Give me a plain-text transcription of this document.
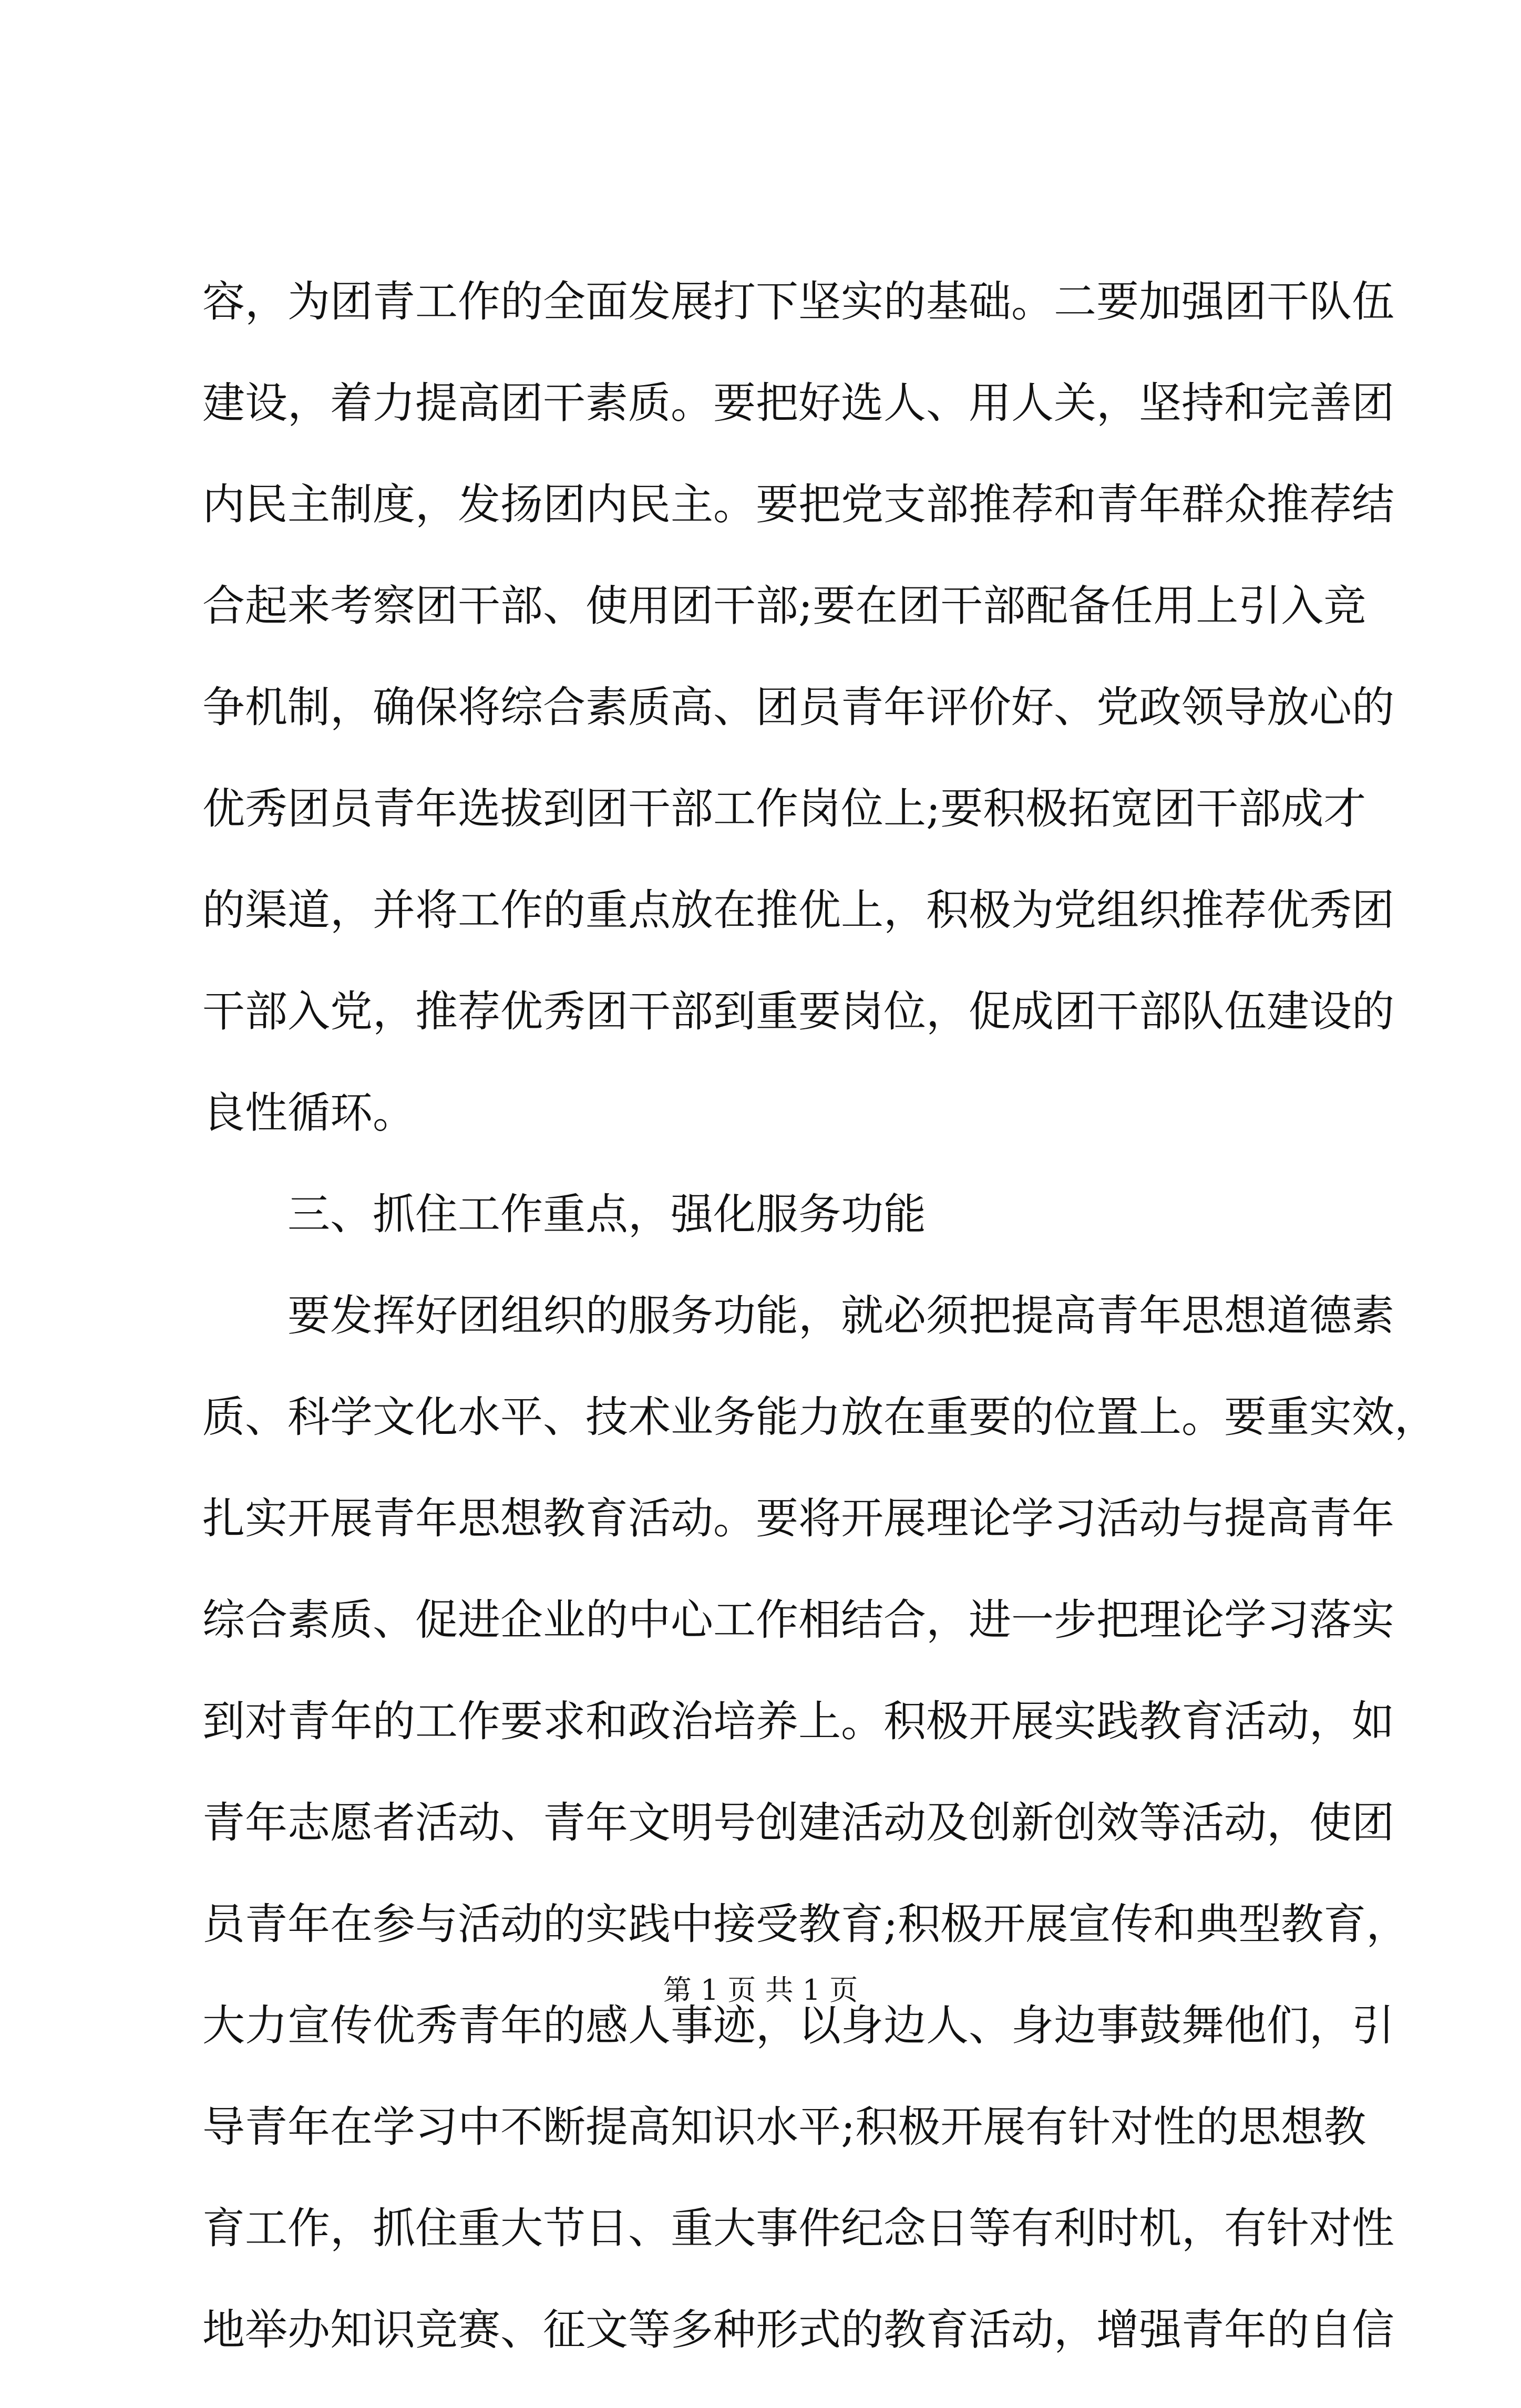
容，为团青工作的全面发展打下坚实的基础。二要加强团干队伍
建设，着力提高团干素质。要把好选人、用人关，坚持和完善团
内民主制度，发扬团内民主。要把党支部推荐和青年群众推荐结
合起来考察团干部、使用团干部;要在团干部配备任用上引入竞
争机制，确保将综合素质高、团员青年评价好、党政领导放心的
优秀团员青年选拔到团干部工作岗位上;要积极拓宽团干部成才
的渠道，并将工作的重点放在推优上，积极为党组织推荐优秀团
干部入党，推荐优秀团干部到重要岗位，促成团干部队伍建设的
良性循环。
三、抓住工作重点，强化服务功能
要发挥好团组织的服务功能，就必须把提高青年思想道德素
质、科学文化水平、技术业务能力放在重要的位置上。要重实效，
扎实开展青年思想教育活动。要将开展理论学习活动与提高青年
综合素质、促进企业的中心工作相结合，进一步把理论学习落实
到对青年的工作要求和政治培养上。积极开展实践教育活动，如
青年志愿者活动、青年文明号创建活动及创新创效等活动，使团
员青年在参与活动的实践中接受教育;积极开展宣传和典型教育，
大力宣传优秀青年的感人事迹，以身边人、身边事鼓舞他们，引
导青年在学习中不断提高知识水平;积极开展有针对性的思想教
育工作，抓住重大节日、重大事件纪念日等有利时机，有针对性
地举办知识竞赛、征文等多种形式的教育活动，增强青年的自信
第 1 页 共 1 页
